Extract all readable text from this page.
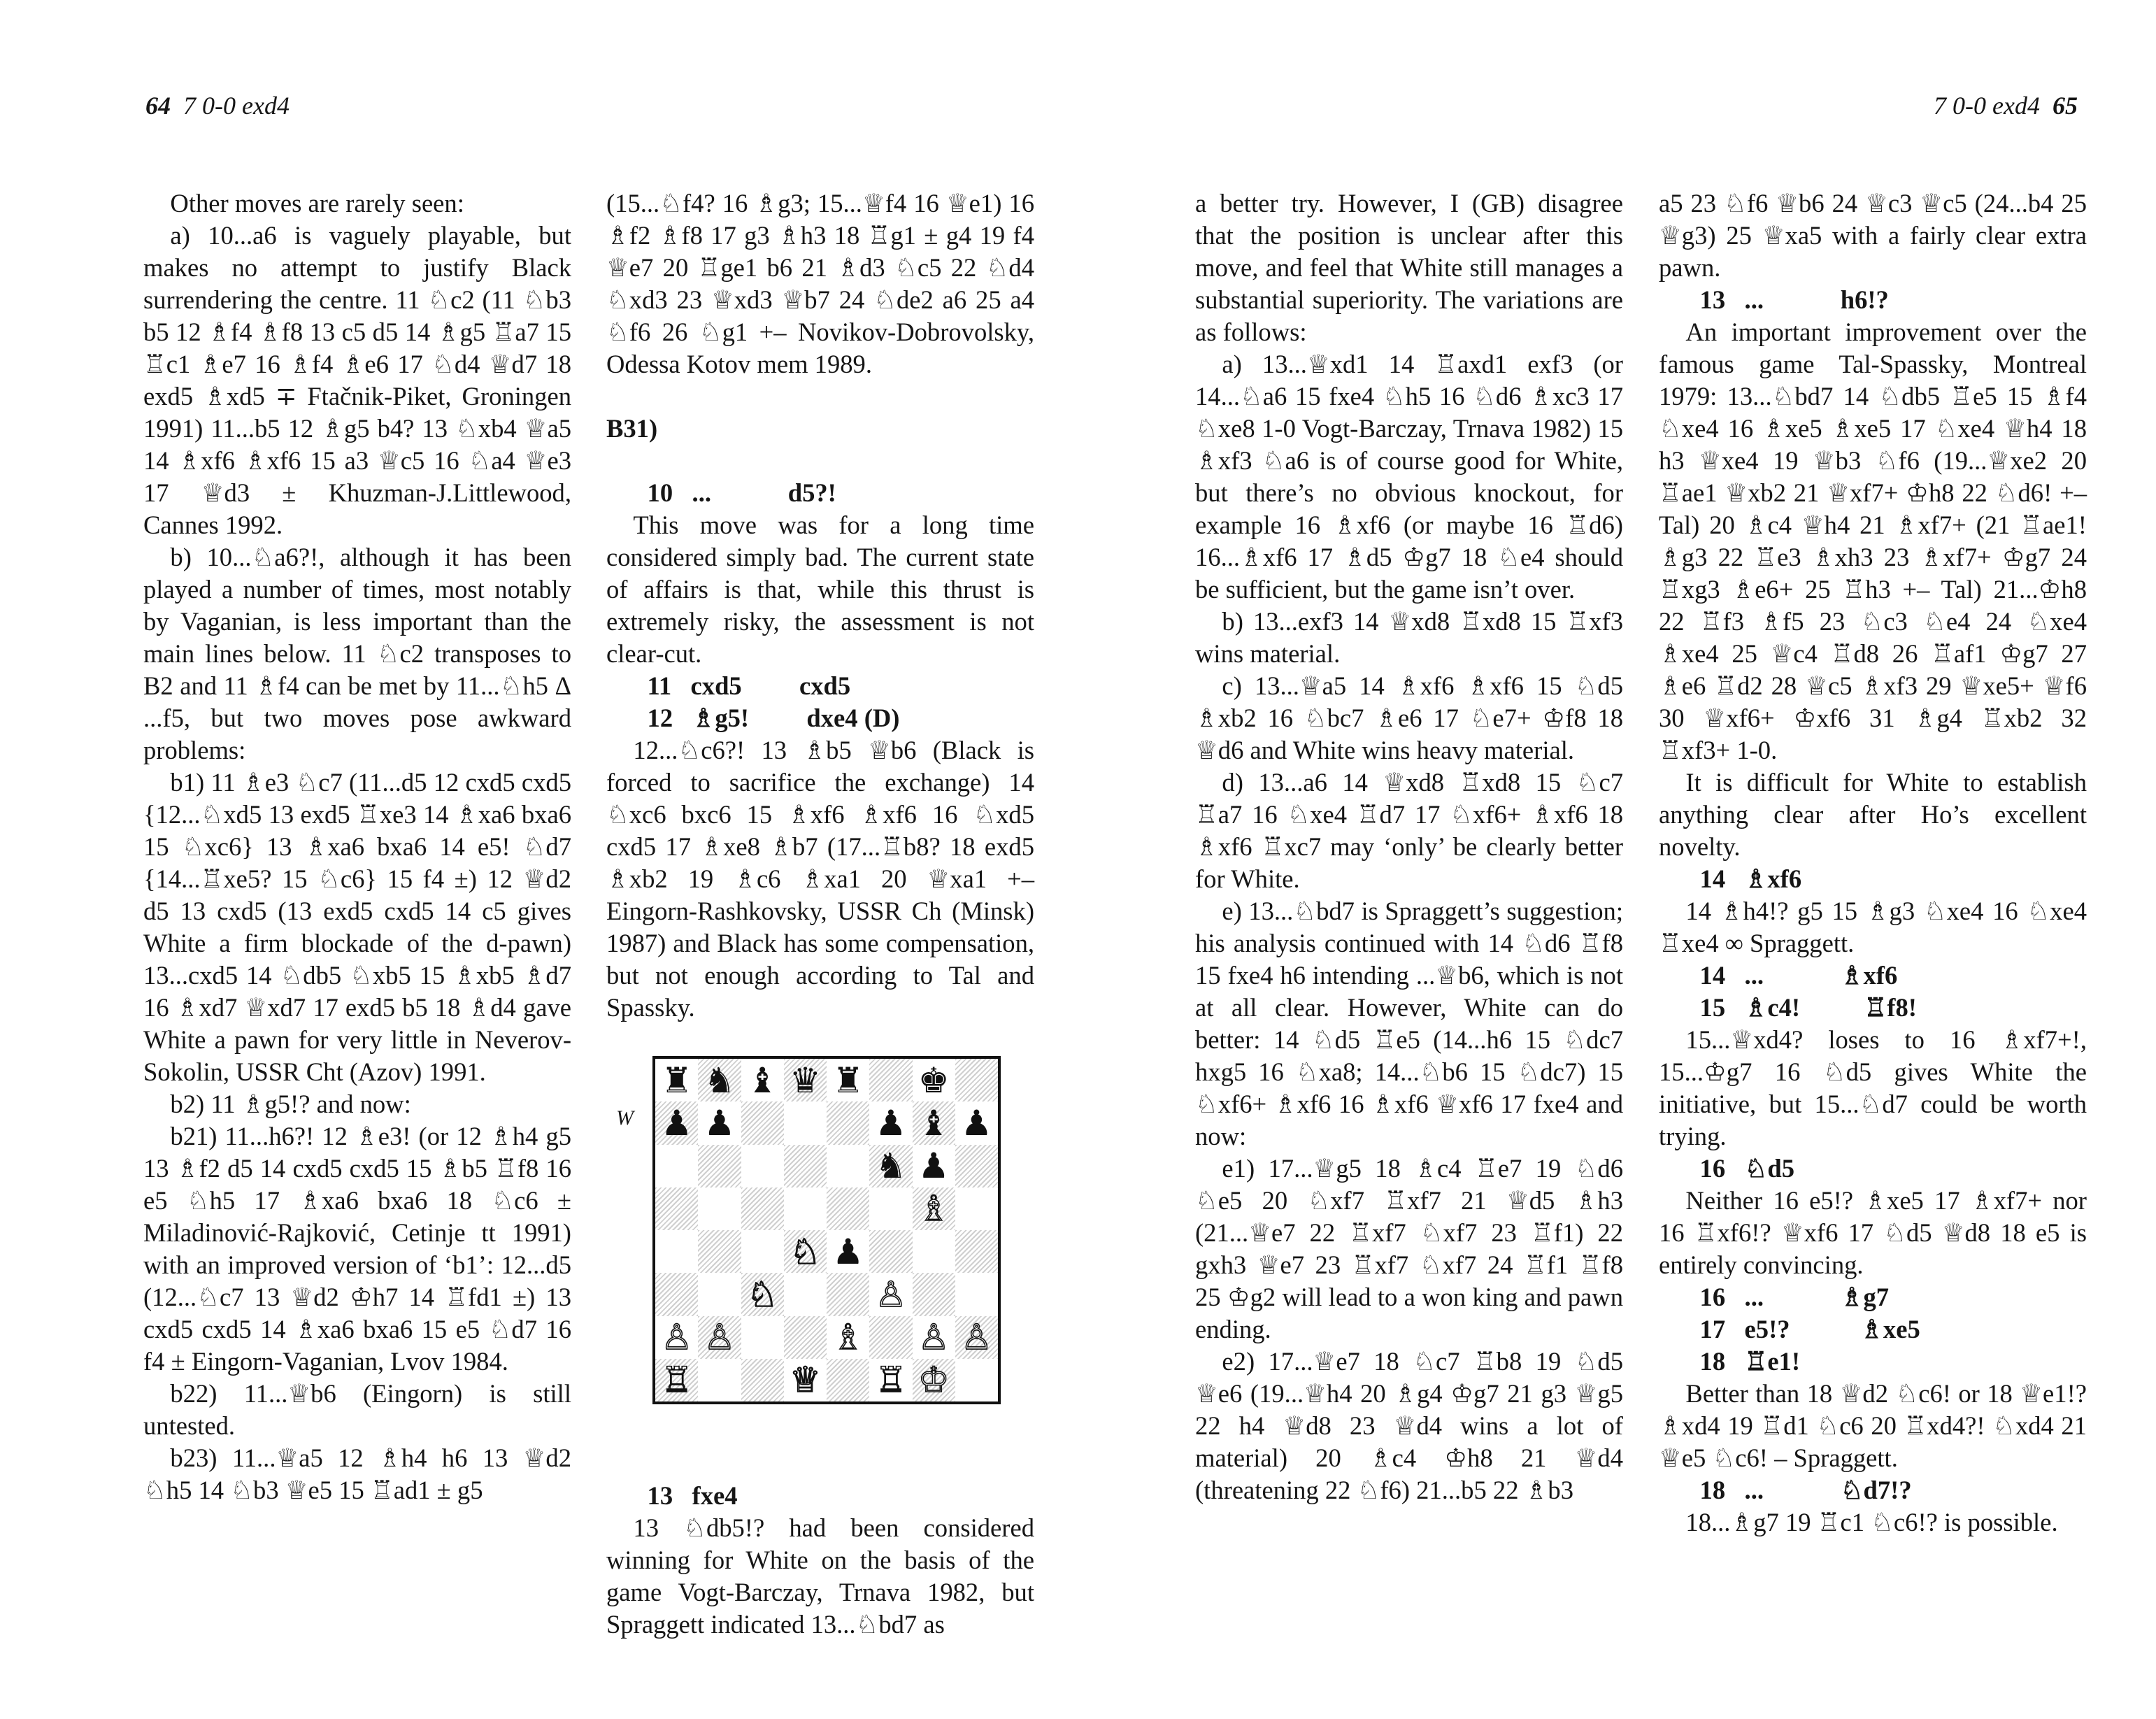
64 7 0-0 exd4	7 0-0 exd4 65

Other moves are rarely seen:

a) 10...a6 is vaguely playable, but makes no attempt to justify Black surrendering the centre. 11 ♘c2 (11 ♘b3 b5 12 ♗f4 ♗f8 13 c5 d5 14 ♗g5 ♖a7 15 ♖c1 ♗e7 16 ♗f4 ♗e6 17 ♘d4 ♕d7 18 exd5 ♗xd5 ∓ Ftačnik-Piket, Groningen 1991) 11...b5 12 ♗g5 b4? 13 ♘xb4 ♕a5 14 ♗xf6 ♗xf6 15 a3 ♕c5 16 ♘a4 ♕e3 17 ♕d3 ± Khuzman-J.Littlewood, Cannes 1992.

b) 10...♘a6?!, although it has been played a number of times, most notably by Vaganian, is less important than the main lines below. 11 ♘c2 transposes to B2 and 11 ♗f4 can be met by 11...♘h5 Δ ...f5, but two moves pose awkward problems:

b1) 11 ♗e3 ♘c7 (11...d5 12 cxd5 cxd5 {12...♘xd5 13 exd5 ♖xe3 14 ♗xa6 bxa6 15 ♘xc6} 13 ♗xa6 bxa6 14 e5! ♘d7 {14...♖xe5? 15 ♘c6} 15 f4 ±) 12 ♕d2 d5 13 cxd5 (13 exd5 cxd5 14 c5 gives White a firm blockade of the d-pawn) 13...cxd5 14 ♘db5 ♘xb5 15 ♗xb5 ♗d7 16 ♗xd7 ♕xd7 17 exd5 b5 18 ♗d4 gave White a pawn for very little in Neverov-Sokolin, USSR Cht (Azov) 1991.

b2) 11 ♗g5!? and now:

b21) 11...h6?! 12 ♗e3! (or 12 ♗h4 g5 13 ♗f2 d5 14 cxd5 cxd5 15 ♗b5 ♖f8 16 e5 ♘h5 17 ♗xa6 bxa6 18 ♘c6 ± Miladinović-Rajković, Cetinje tt 1991) with an improved version of ‘b1’: 12...d5 (12...♘c7 13 ♕d2 ♔h7 14 ♖fd1 ±) 13 cxd5 cxd5 14 ♗xa6 bxa6 15 e5 ♘d7 16 f4 ± Eingorn-Vaganian, Lvov 1984.

b22) 11...♕b6 (Eingorn) is still untested.

b23) 11...♕a5 12 ♗h4 h6 13 ♕d2 ♘h5 14 ♘b3 ♕e5 15 ♖ad1 ± g5

(15...♘f4? 16 ♗g3; 15...♕f4 16 ♕e1) 16 ♗f2 ♗f8 17 g3 ♗h3 18 ♖g1 ± g4 19 f4 ♕e7 20 ♖ge1 b6 21 ♗d3 ♘c5 22 ♘d4 ♘xd3 23 ♕xd3 ♕b7 24 ♘de2 a6 25 a4 ♘f6 26 ♘g1 +– Novikov-Dobrovolsky, Odessa Kotov mem 1989.

B31)

10   ...            d5?!

This move was for a long time considered simply bad. The current state of affairs is that, while this thrust is extremely risky, the assessment is not clear-cut.

11   cxd5         cxd5

12   ♗g5!         dxe4 (D)

12...♘c6?! 13 ♗b5 ♕b6 (Black is forced to sacrifice the exchange) 14 ♘xc6 bxc6 15 ♗xf6 ♗xf6 16 ♘xd5 cxd5 17 ♗xe8 ♗b7 (17...♖b8? 18 exd5 ♗xb2 19 ♗c6 ♗xa1 20 ♕xa1 +– Eingorn-Rashkovsky, USSR Ch (Minsk) 1987) and Black has some compensation, but not enough according to Tal and Spassky.

W
♜ ♞ ♝ ♛ ♜ ♚
♟ ♟	♟ ♝ ♟
♞ ♟
♗
♘ ♟
♘	♙
♙ ♙	♗ ♙ ♙
♖	♕ ♖ ♔

13   fxe4

13 ♘db5!? had been considered winning for White on the basis of the game Vogt-Barczay, Trnava 1982, but Spraggett indicated 13...♘bd7 as

a better try. However, I (GB) disagree that the position is unclear after this move, and feel that White still manages a substantial superiority. The variations are as follows:

a) 13...♕xd1 14 ♖axd1 exf3 (or 14...♘a6 15 fxe4 ♘h5 16 ♘d6 ♗xc3 17 ♘xe8 1-0 Vogt-Barczay, Trnava 1982) 15 ♗xf3 ♘a6 is of course good for White, but there’s no obvious knockout, for example 16 ♗xf6 (or maybe 16 ♖d6) 16...♗xf6 17 ♗d5 ♔g7 18 ♘e4 should be sufficient, but the game isn’t over.

b) 13...exf3 14 ♕xd8 ♖xd8 15 ♖xf3 wins material.

c) 13...♕a5 14 ♗xf6 ♗xf6 15 ♘d5 ♗xb2 16 ♘bc7 ♗e6 17 ♘e7+ ♔f8 18 ♕d6 and White wins heavy material.

d) 13...a6 14 ♕xd8 ♖xd8 15 ♘c7 ♖a7 16 ♘xe4 ♖d7 17 ♘xf6+ ♗xf6 18 ♗xf6 ♖xc7 may ‘only’ be clearly better for White.

e) 13...♘bd7 is Spraggett’s suggestion; his analysis continued with 14 ♘d6 ♖f8 15 fxe4 h6 intending ...♕b6, which is not at all clear. However, White can do better: 14 ♘d5 ♖e5 (14...h6 15 ♘dc7 hxg5 16 ♘xa8; 14...♘b6 15 ♘dc7) 15 ♘xf6+ ♗xf6 16 ♗xf6 ♕xf6 17 fxe4 and now:

e1) 17...♕g5 18 ♗c4 ♖e7 19 ♘d6 ♘e5 20 ♘xf7 ♖xf7 21 ♕d5 ♗h3 (21...♕e7 22 ♖xf7 ♘xf7 23 ♖f1) 22 gxh3 ♕e7 23 ♖xf7 ♘xf7 24 ♖f1 ♖f8 25 ♔g2 will lead to a won king and pawn ending.

e2) 17...♕e7 18 ♘c7 ♖b8 19 ♘d5 ♕e6 (19...♕h4 20 ♗g4 ♔g7 21 g3 ♕g5 22 h4 ♕d8 23 ♕d4 wins a lot of material) 20 ♗c4 ♔h8 21 ♕d4 (threatening 22 ♘f6) 21...b5 22 ♗b3

a5 23 ♘f6 ♕b6 24 ♕c3 ♕c5 (24...b4 25 ♕g3) 25 ♕xa5 with a fairly clear extra pawn.

13   ...            h6!?

An important improvement over the famous game Tal-Spassky, Montreal 1979: 13...♘bd7 14 ♘db5 ♖e5 15 ♗f4 ♘xe4 16 ♗xe5 ♗xe5 17 ♘xe4 ♕h4 18 h3 ♕xe4 19 ♕b3 ♘f6 (19...♕xe2 20 ♖ae1 ♕xb2 21 ♕xf7+ ♔h8 22 ♘d6! +– Tal) 20 ♗c4 ♕h4 21 ♗xf7+ (21 ♖ae1! ♗g3 22 ♖e3 ♗xh3 23 ♗xf7+ ♔g7 24 ♖xg3 ♗e6+ 25 ♖h3 +– Tal) 21...♔h8 22 ♖f3 ♗f5 23 ♘c3 ♘e4 24 ♘xe4 ♗xe4 25 ♕c4 ♖d8 26 ♖af1 ♔g7 27 ♗e6 ♖d2 28 ♕c5 ♗xf3 29 ♕xe5+ ♕f6 30 ♕xf6+ ♔xf6 31 ♗g4 ♖xb2 32 ♖xf3+ 1-0.

It is difficult for White to establish anything clear after Ho’s excellent novelty.

14   ♗xf6

14 ♗h4!? g5 15 ♗g3 ♘xe4 16 ♘xe4 ♖xe4 ∞ Spraggett.

14   ...            ♗xf6

15   ♗c4!          ♖f8!

15...♕xd4? loses to 16 ♗xf7+!, 15...♔g7 16 ♘d5 gives White the initiative, but 15...♘d7 could be worth trying.

16   ♘d5

Neither 16 e5!? ♗xe5 17 ♗xf7+ nor 16 ♖xf6!? ♕xf6 17 ♘d5 ♕d8 18 e5 is entirely convincing.

16   ...            ♗g7

17   e5!?           ♗xe5

18   ♖e1!

Better than 18 ♕d2 ♘c6! or 18 ♕e1!? ♗xd4 19 ♖d1 ♘c6 20 ♖xd4?! ♘xd4 21 ♕e5 ♘c6! – Spraggett.

18   ...            ♘d7!?

18...♗g7 19 ♖c1 ♘c6!? is possible.
